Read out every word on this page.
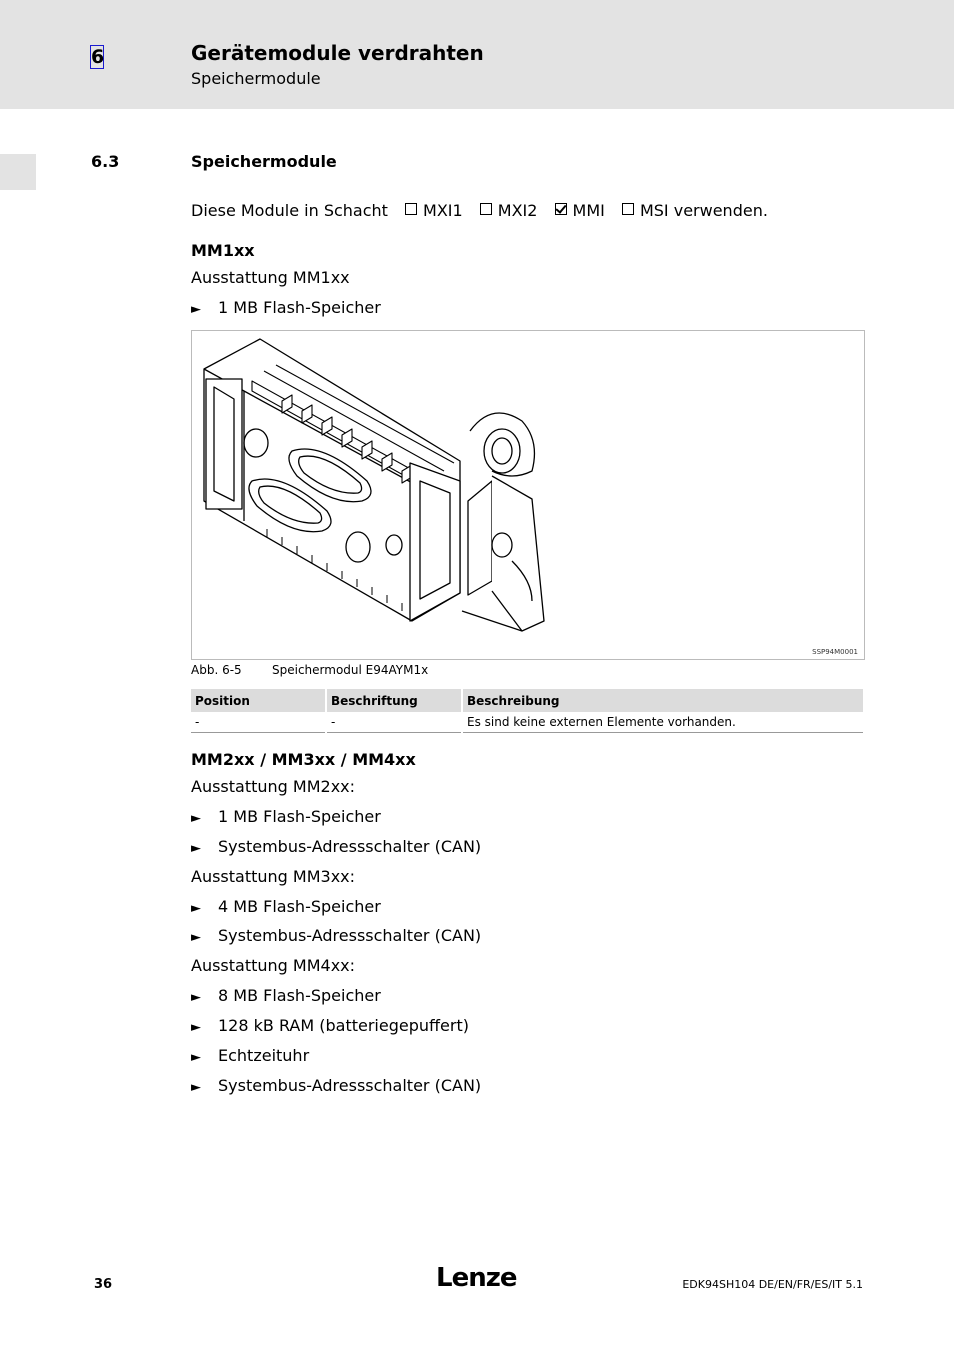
6	Gerätemodule verdrahten
Speichermodule
6.3	Speichermodule
Diese Module in Schacht MXI1 MXI2 MMI MSI verwenden.
MM1xx
Ausstattung MM1xx
► 1 MB Flash-Speicher
SSP94M0001
Abb. 6-5	Speichermodul E94AYM1x
Position	Beschriftung	Beschreibung
-	-	Es sind keine externen Elemente vorhanden.
MM2xx / MM3xx / MM4xx
Ausstattung MM2xx:
► 1 MB Flash-Speicher
► Systembus-Adressschalter (CAN)
Ausstattung MM3xx:
► 4 MB Flash-Speicher
► Systembus-Adressschalter (CAN)
Ausstattung MM4xx:
► 8 MB Flash-Speicher
► 128 kB RAM (batteriegepuffert)
► Echtzeituhr
► Systembus-Adressschalter (CAN)
36	Lenze	EDK94SH104 DE/EN/FR/ES/IT 5.1
